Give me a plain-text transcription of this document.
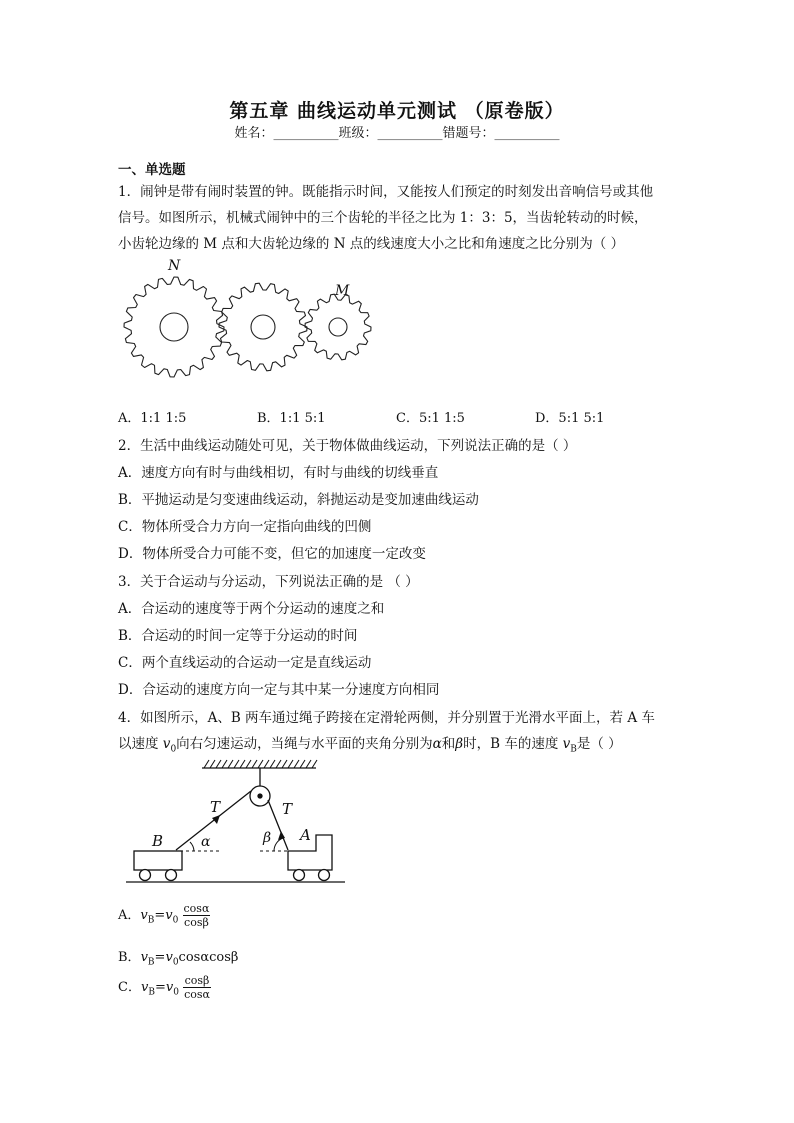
第五章 曲线运动单元测试 （原卷版）
姓名：__________班级：__________错题号：__________
一、单选题
1．闹钟是带有闹时装置的钟。既能指示时间，又能按人们预定的时刻发出音响信号或其他
信号。如图所示，机械式闹钟中的三个齿轮的半径之比为 1：3：5，当齿轮转动的时候，
小齿轮边缘的 M 点和大齿轮边缘的 N 点的线速度大小之比和角速度之比分别为（ ）
N
M
A．1:1 1:5	B．1:1 5:1	C．5:1 1:5	D．5:1 5:1
2．生活中曲线运动随处可见，关于物体做曲线运动，下列说法正确的是（ ）
A．速度方向有时与曲线相切，有时与曲线的切线垂直
B．平抛运动是匀变速曲线运动，斜抛运动是变加速曲线运动
C．物体所受合力方向一定指向曲线的凹侧
D．物体所受合力可能不变，但它的加速度一定改变
3．关于合运动与分运动，下列说法正确的是 （ ）
A．合运动的速度等于两个分运动的速度之和
B．合运动的时间一定等于分运动的时间
C．两个直线运动的合运动一定是直线运动
D．合运动的速度方向一定与其中某一分速度方向相同
4．如图所示，A、B 两车通过绳子跨接在定滑轮两侧，并分别置于光滑水平面上，若 A 车
以速度 $v_0$向右匀速运动，当绳与水平面的夹角分别为α和β时，B 车的速度 $v_B$是（ ）
T	T
B	A
α	β
A．$v_B=v_0 \frac{\cos\alpha}{\cos\beta}$
B．$v_B=v_0\cos\alpha\cos\beta$
C．$v_B=v_0 \frac{\cos\beta}{\cos\alpha}$
